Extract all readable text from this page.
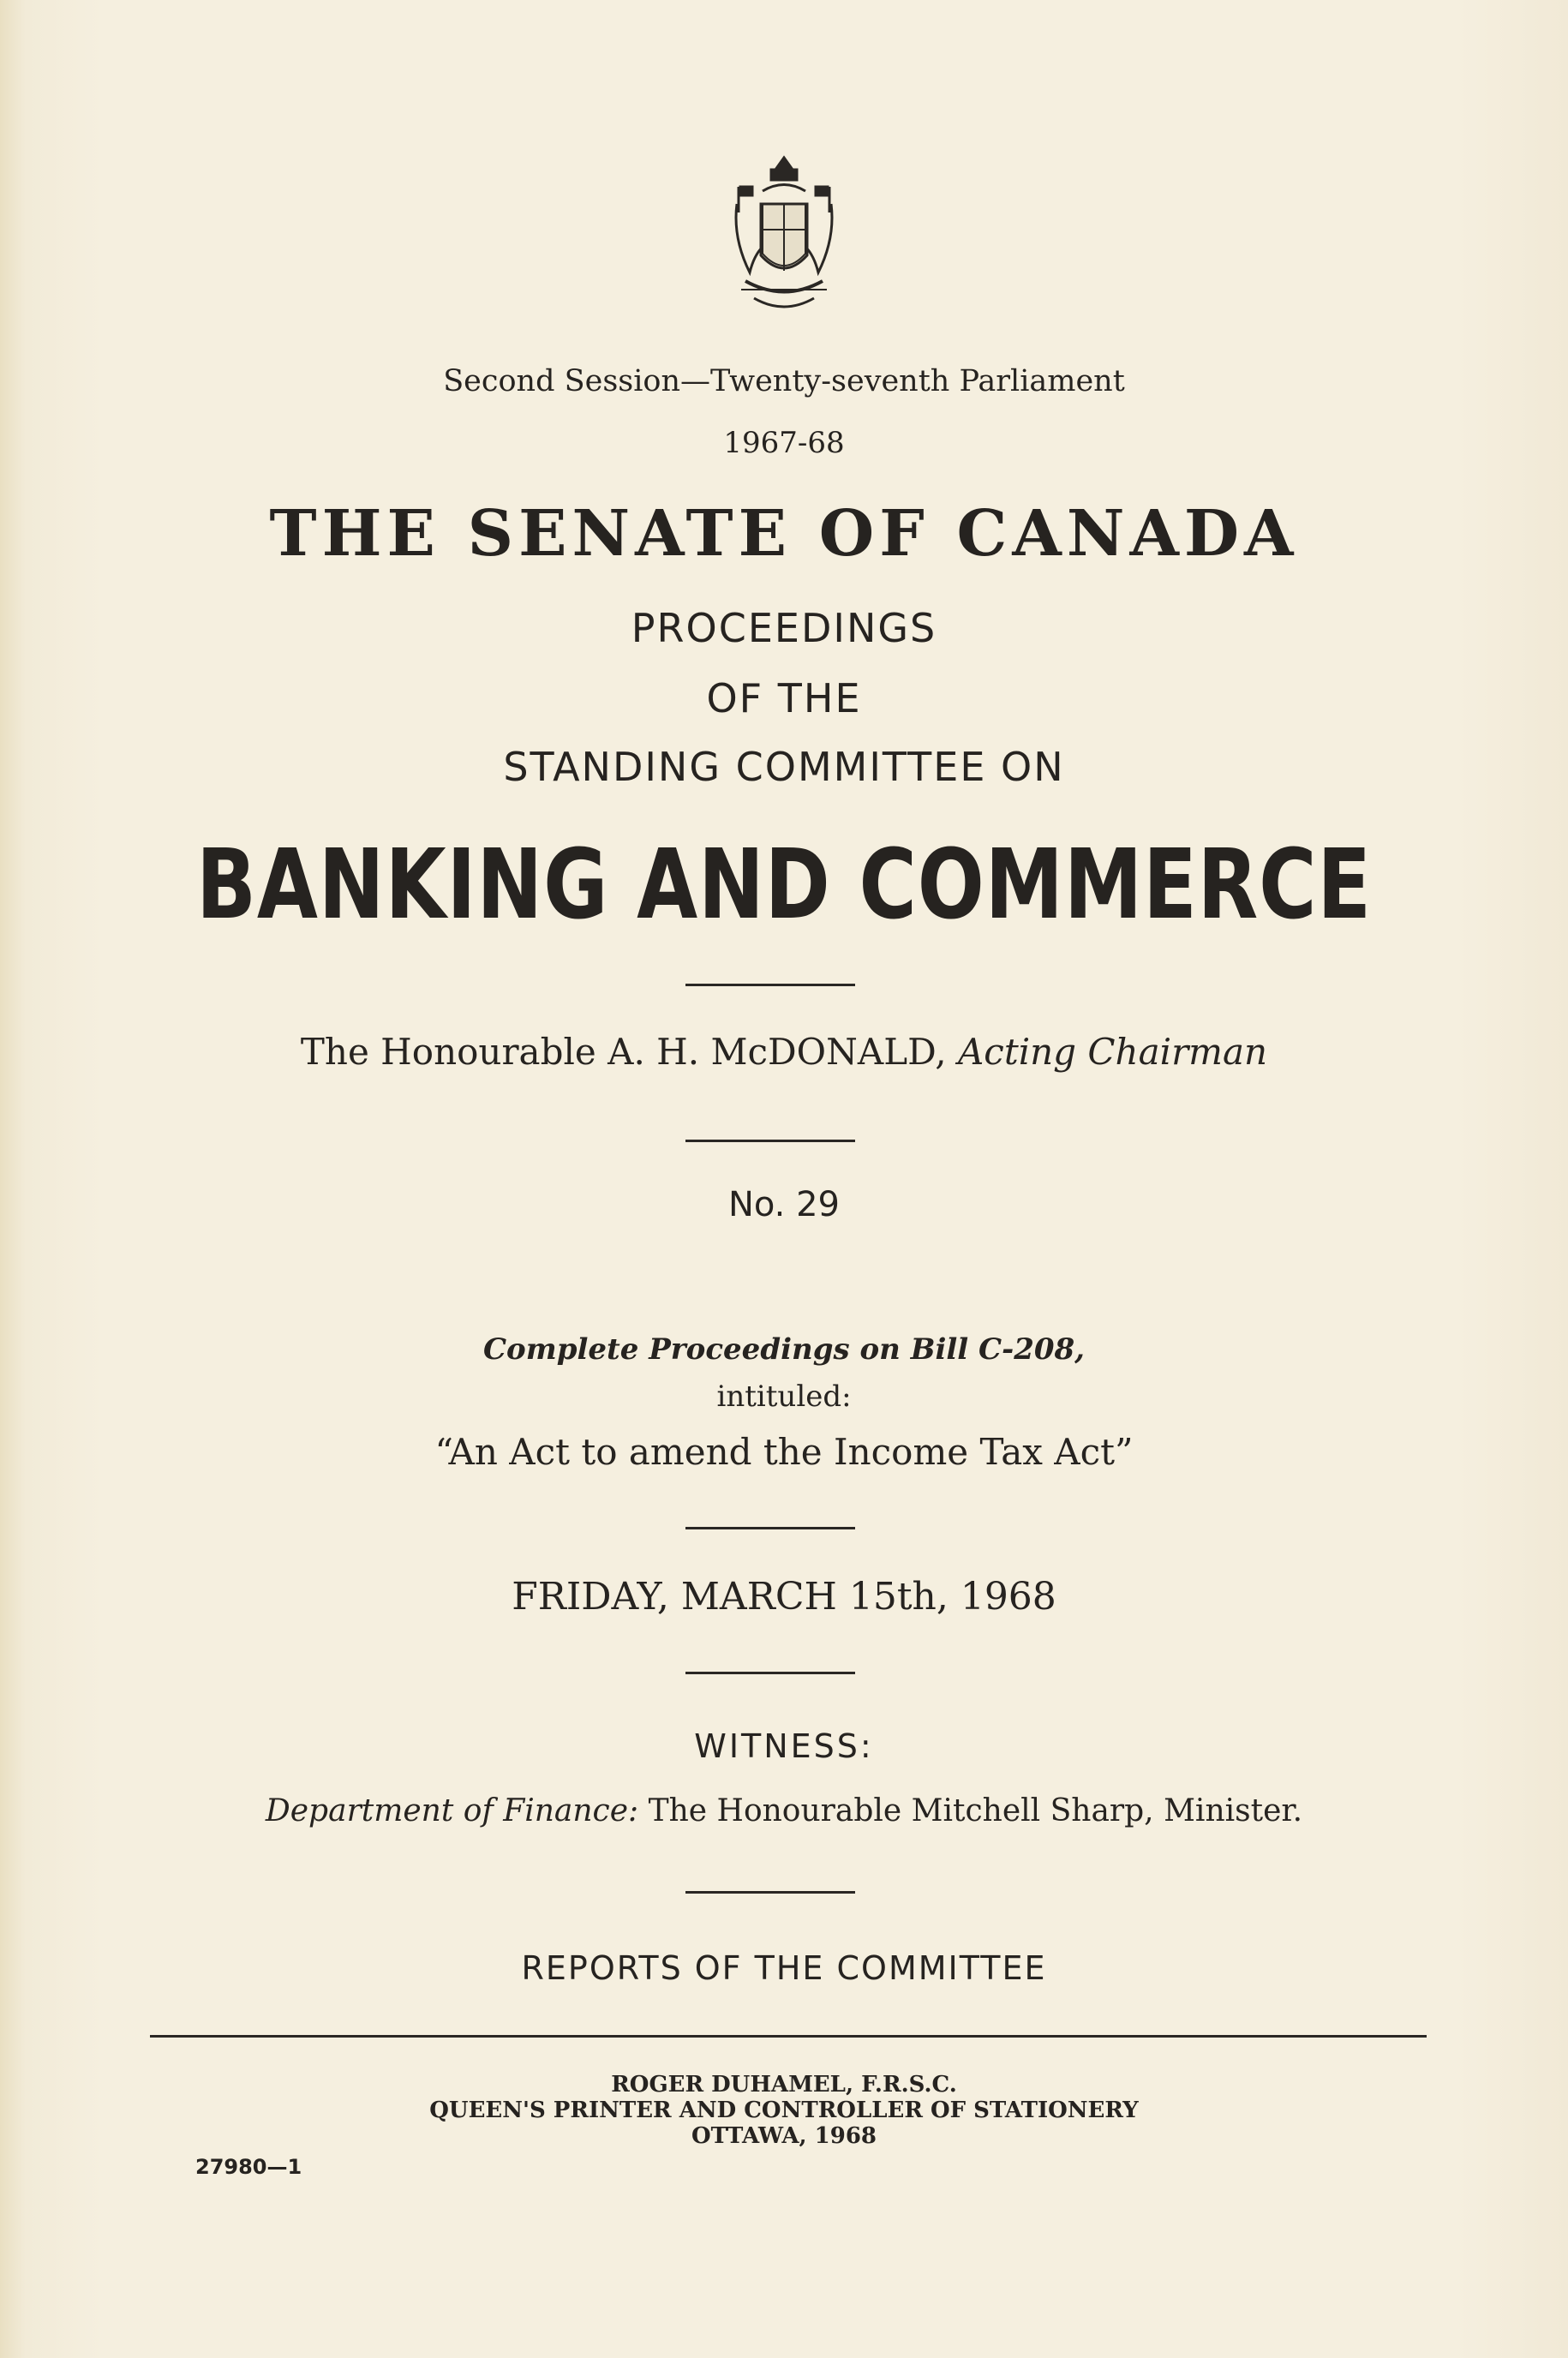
Second Session—Twenty-seventh Parliament
1967-68
THE SENATE OF CANADA
PROCEEDINGS
OF THE
STANDING COMMITTEE ON
BANKING AND COMMERCE
The Honourable A. H. McDONALD, Acting Chairman
No. 29
Complete Proceedings on Bill C-208,
intituled:
“An Act to amend the Income Tax Act”
FRIDAY, MARCH 15th, 1968
WITNESS:
Department of Finance: The Honourable Mitchell Sharp, Minister.
REPORTS OF THE COMMITTEE
ROGER DUHAMEL, F.R.S.C.
QUEEN'S PRINTER AND CONTROLLER OF STATIONERY
OTTAWA, 1968
27980—1
